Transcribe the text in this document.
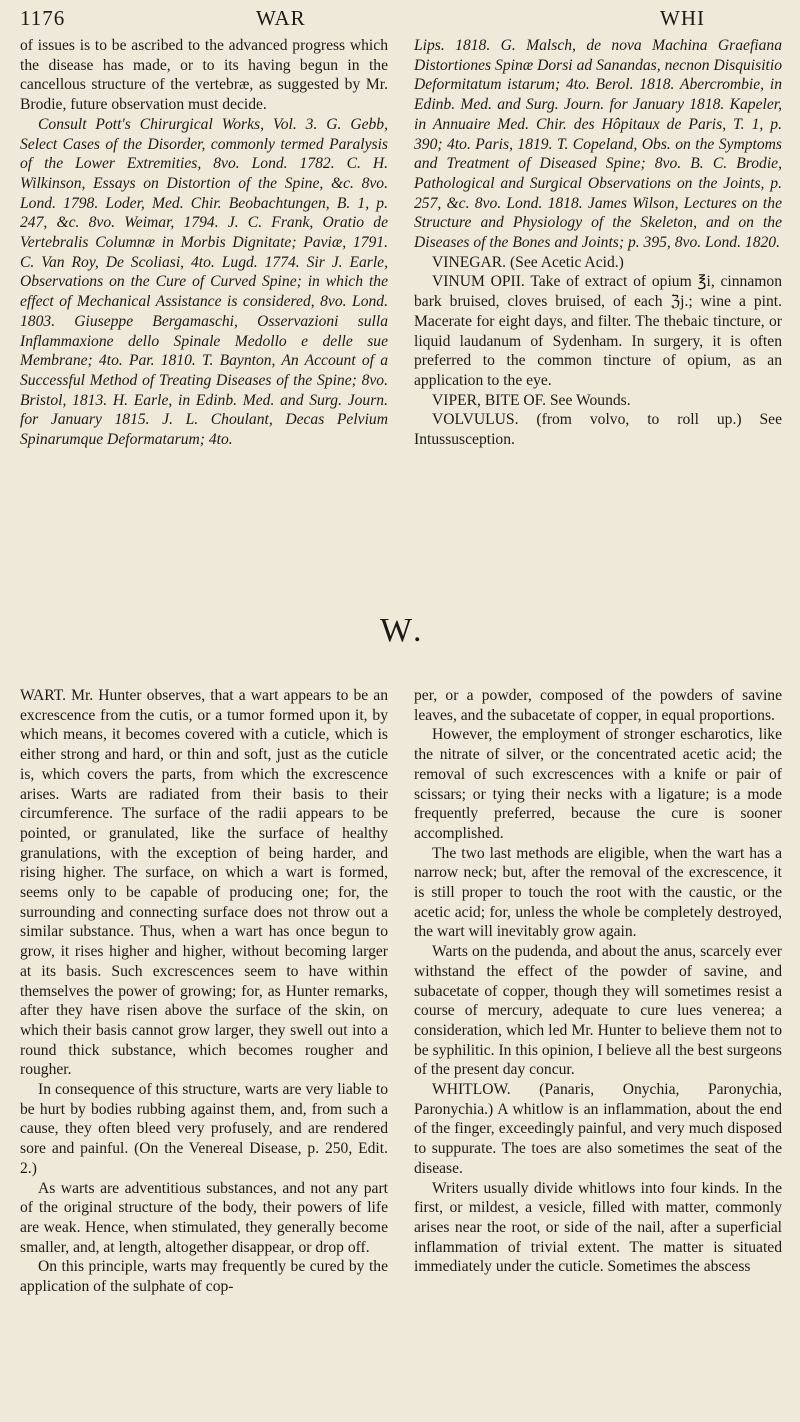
1176	WAR	WHI

of issues is to be ascribed to the advanced progress which the disease has made, or to its having begun in the cancellous structure of the vertebræ, as suggested by Mr. Brodie, future observation must decide.

Consult Pott's Chirurgical Works, Vol. 3. G. Gebb, Select Cases of the Disorder, commonly termed Paralysis of the Lower Extremities, 8vo. Lond. 1782. C. H. Wilkinson, Essays on Distortion of the Spine, &c. 8vo. Lond. 1798. Loder, Med. Chir. Beobachtungen, B. 1, p. 247, &c. 8vo. Weimar, 1794. J. C. Frank, Oratio de Vertebralis Columnæ in Morbis Dignitate; Paviæ, 1791. C. Van Roy, De Scoliasi, 4to. Lugd. 1774. Sir J. Earle, Observations on the Cure of Curved Spine; in which the effect of Mechanical Assistance is considered, 8vo. Lond. 1803. Giuseppe Bergamaschi, Osservazioni sulla Inflammaxione dello Spinale Medollo e delle sue Membrane; 4to. Par. 1810. T. Baynton, An Account of a Successful Method of Treating Diseases of the Spine; 8vo. Bristol, 1813. H. Earle, in Edinb. Med. and Surg. Journ. for January 1815. J. L. Choulant, Decas Pelvium Spinarumque Deformatarum; 4to.

Lips. 1818. G. Malsch, de nova Machina Graefiana Distortiones Spinæ Dorsi ad Sanandas, necnon Disquisitio Deformitatum istarum; 4to. Berol. 1818. Abercrombie, in Edinb. Med. and Surg. Journ. for January 1818. Kapeler, in Annuaire Med. Chir. des Hôpitaux de Paris, T. 1, p. 390; 4to. Paris, 1819. T. Copeland, Obs. on the Symptoms and Treatment of Diseased Spine; 8vo. B. C. Brodie, Pathological and Surgical Observations on the Joints, p. 257, &c. 8vo. Lond. 1818. James Wilson, Lectures on the Structure and Physiology of the Skeleton, and on the Diseases of the Bones and Joints; p. 395, 8vo. Lond. 1820.

VINEGAR. (See Acetic Acid.)

VINUM OPII. Take of extract of opium ℥i, cinnamon bark bruised, cloves bruised, of each ℨj.; wine a pint. Macerate for eight days, and filter. The thebaic tincture, or liquid laudanum of Sydenham. In surgery, it is often preferred to the common tincture of opium, as an application to the eye.

VIPER, BITE OF. See Wounds.

VOLVULUS. (from volvo, to roll up.) See Intussusception.

W.

WART. Mr. Hunter observes, that a wart appears to be an excrescence from the cutis, or a tumor formed upon it, by which means, it becomes covered with a cuticle, which is either strong and hard, or thin and soft, just as the cuticle is, which covers the parts, from which the excrescence arises. Warts are radiated from their basis to their circumference. The surface of the radii appears to be pointed, or granulated, like the surface of healthy granulations, with the exception of being harder, and rising higher. The surface, on which a wart is formed, seems only to be capable of producing one; for, the surrounding and connecting surface does not throw out a similar substance. Thus, when a wart has once begun to grow, it rises higher and higher, without becoming larger at its basis. Such excrescences seem to have within themselves the power of growing; for, as Hunter remarks, after they have risen above the surface of the skin, on which their basis cannot grow larger, they swell out into a round thick substance, which becomes rougher and rougher.

In consequence of this structure, warts are very liable to be hurt by bodies rubbing against them, and, from such a cause, they often bleed very profusely, and are rendered sore and painful. (On the Venereal Disease, p. 250, Edit. 2.)

As warts are adventitious substances, and not any part of the original structure of the body, their powers of life are weak. Hence, when stimulated, they generally become smaller, and, at length, altogether disappear, or drop off.

On this principle, warts may frequently be cured by the application of the sulphate of cop-

per, or a powder, composed of the powders of savine leaves, and the subacetate of copper, in equal proportions.

However, the employment of stronger escharotics, like the nitrate of silver, or the concentrated acetic acid; the removal of such excrescences with a knife or pair of scissars; or tying their necks with a ligature; is a mode frequently preferred, because the cure is sooner accomplished.

The two last methods are eligible, when the wart has a narrow neck; but, after the removal of the excrescence, it is still proper to touch the root with the caustic, or the acetic acid; for, unless the whole be completely destroyed, the wart will inevitably grow again.

Warts on the pudenda, and about the anus, scarcely ever withstand the effect of the powder of savine, and subacetate of copper, though they will sometimes resist a course of mercury, adequate to cure lues venerea; a consideration, which led Mr. Hunter to believe them not to be syphilitic. In this opinion, I believe all the best surgeons of the present day concur.

WHITLOW. (Panaris, Onychia, Paronychia, Paronychia.) A whitlow is an inflammation, about the end of the finger, exceedingly painful, and very much disposed to suppurate. The toes are also sometimes the seat of the disease.

Writers usually divide whitlows into four kinds. In the first, or mildest, a vesicle, filled with matter, commonly arises near the root, or side of the nail, after a superficial inflammation of trivial extent. The matter is situated immediately under the cuticle. Sometimes the abscess
